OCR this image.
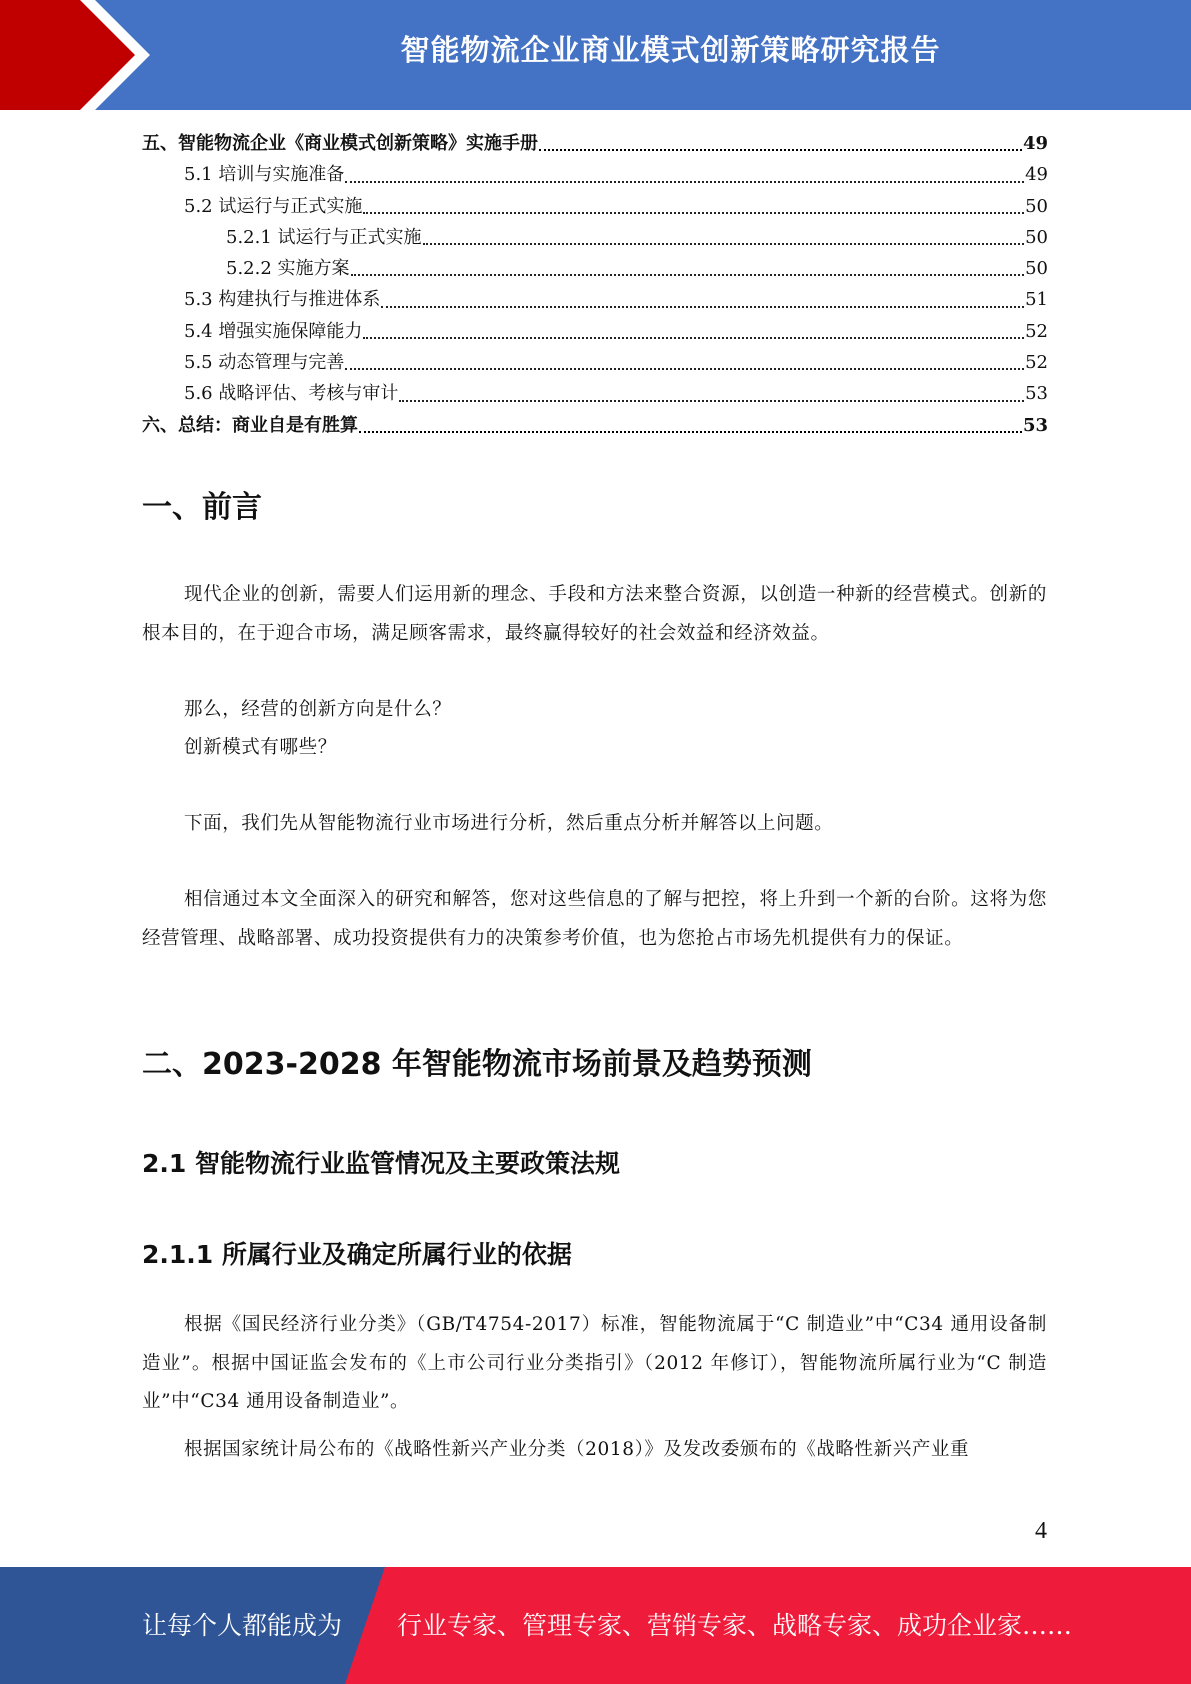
智能物流企业商业模式创新策略研究报告
五、智能物流企业《商业模式创新策略》实施手册	49
5.1 培训与实施准备	49
5.2 试运行与正式实施	50
5.2.1 试运行与正式实施	50
5.2.2 实施方案	50
5.3 构建执行与推进体系	51
5.4 增强实施保障能力	52
5.5 动态管理与完善	52
5.6 战略评估、考核与审计	53
六、总结：商业自是有胜算	53
一、前言
现代企业的创新，需要人们运用新的理念、手段和方法来整合资源，以创造一种新的经营模式。创新的根本目的，在于迎合市场，满足顾客需求，最终赢得较好的社会效益和经济效益。
那么，经营的创新方向是什么？
创新模式有哪些？
下面，我们先从智能物流行业市场进行分析，然后重点分析并解答以上问题。
相信通过本文全面深入的研究和解答，您对这些信息的了解与把控，将上升到一个新的台阶。这将为您经营管理、战略部署、成功投资提供有力的决策参考价值，也为您抢占市场先机提供有力的保证。
二、2023-2028 年智能物流市场前景及趋势预测
2.1 智能物流行业监管情况及主要政策法规
2.1.1 所属行业及确定所属行业的依据
根据《国民经济行业分类》（GB/T4754-2017）标准，智能物流属于“C 制造业”中“C34 通用设备制造业”。根据中国证监会发布的《上市公司行业分类指引》（2012 年修订），智能物流所属行业为“C 制造业”中“C34 通用设备制造业”。
根据国家统计局公布的《战略性新兴产业分类（2018）》及发改委颁布的《战略性新兴产业重
4
让每个人都能成为 行业专家、管理专家、营销专家、战略专家、成功企业家……
